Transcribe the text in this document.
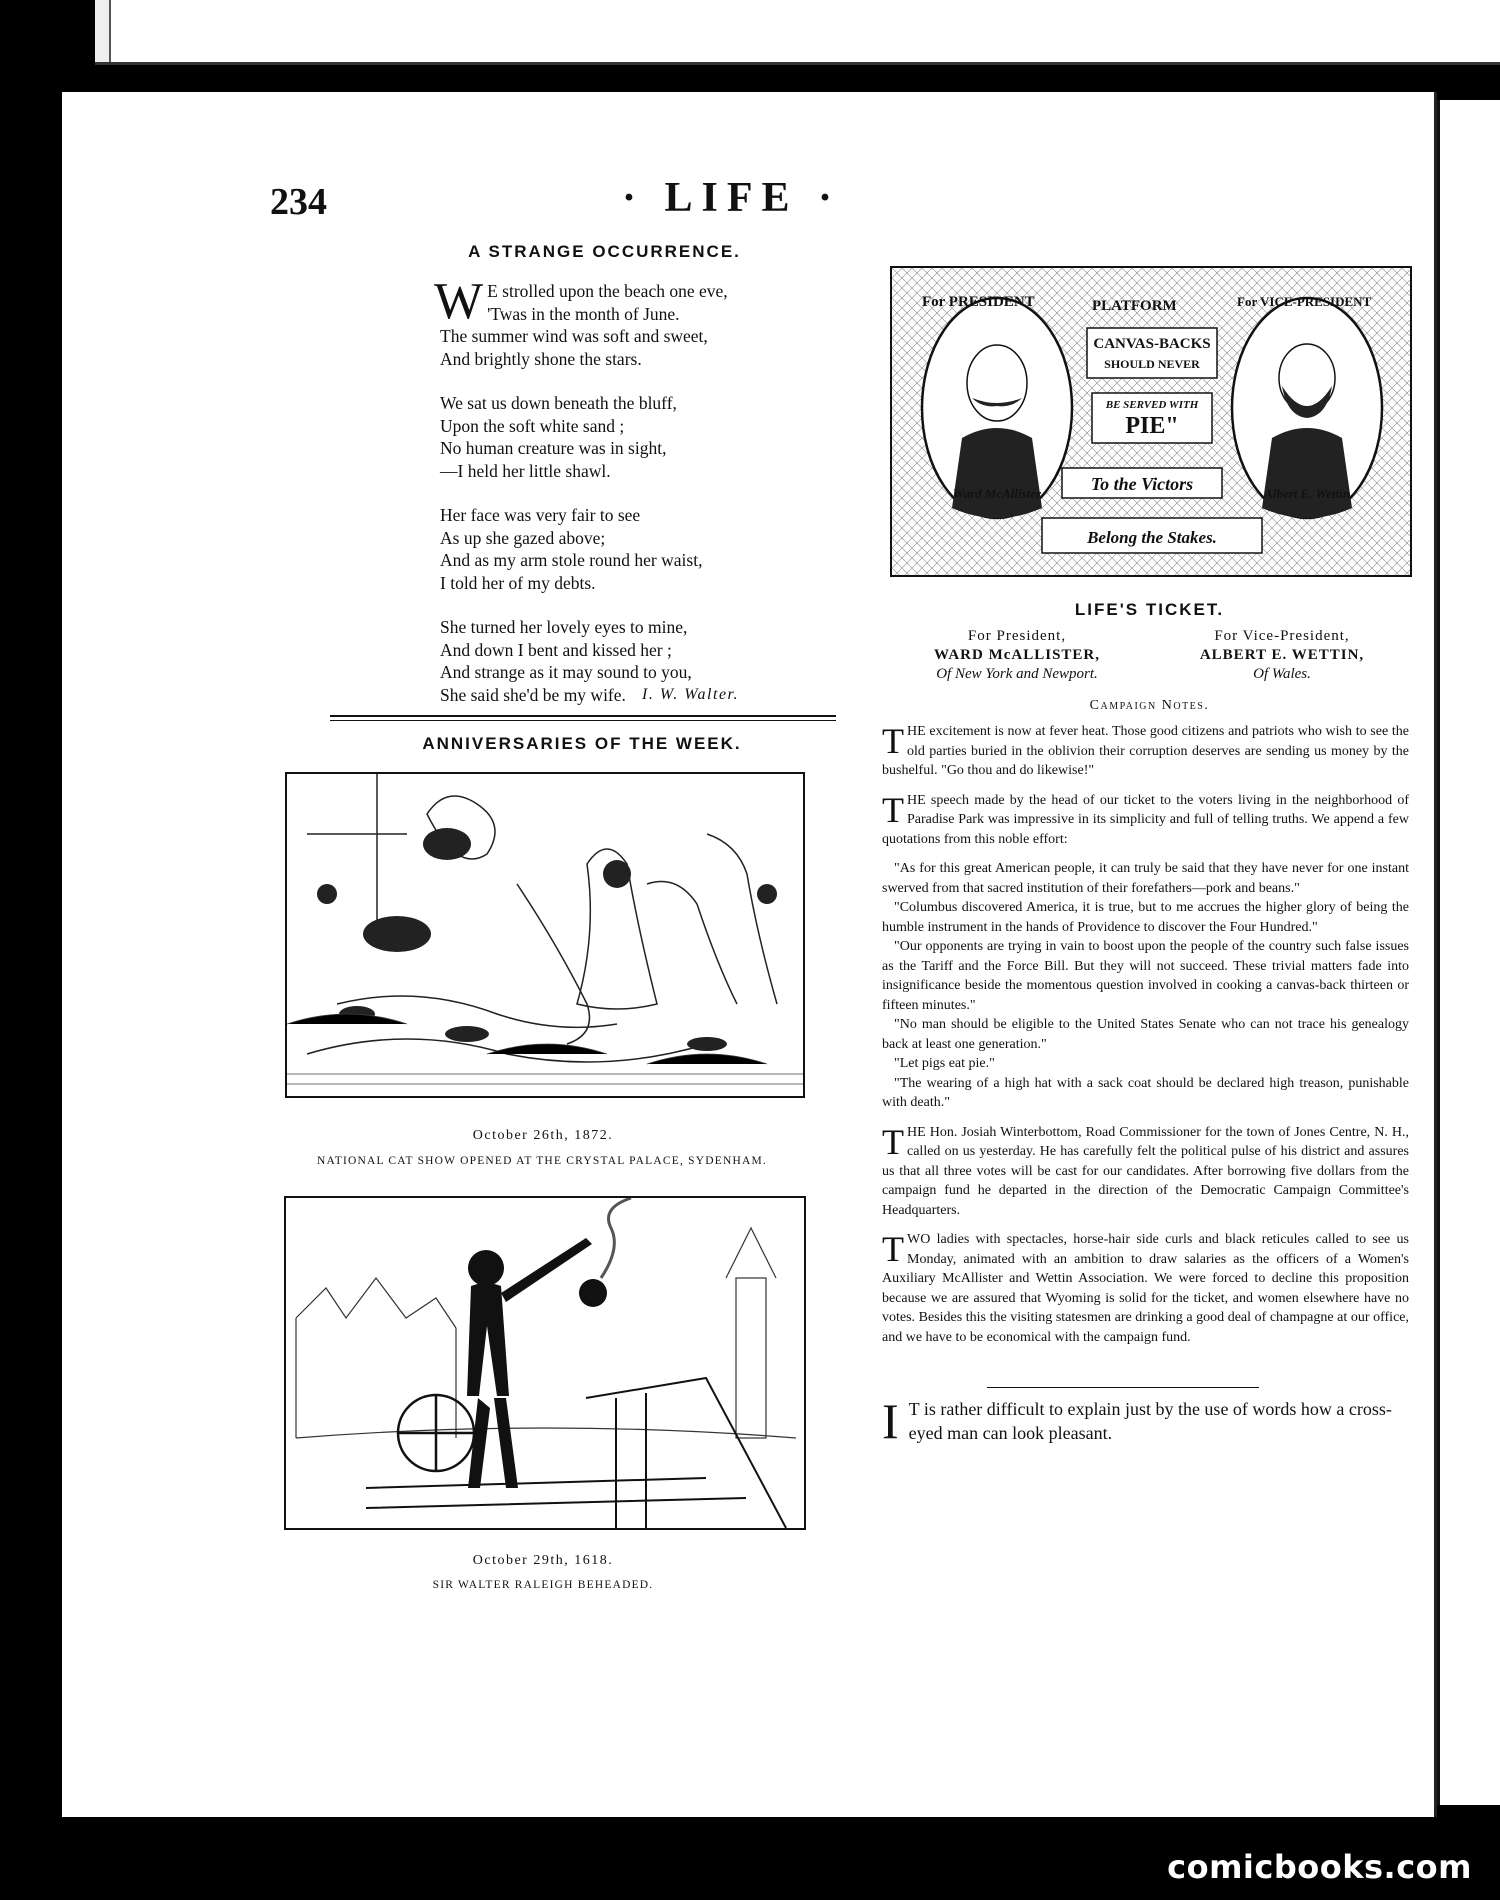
234	· LIFE ·
A STRANGE OCCURRENCE.
W E strolled upon the beach one eve,
'Twas in the month of June.
The summer wind was soft and sweet,
And brightly shone the stars.
We sat us down beneath the bluff,
Upon the soft white sand ;
No human creature was in sight,
—I held her little shawl.
Her face was very fair to see
As up she gazed above;
And as my arm stole round her waist,
I told her of my debts.
She turned her lovely eyes to mine,
And down I bent and kissed her ;
And strange as it may sound to you,
She said she'd be my wife.	I. W. Walter.
ANNIVERSARIES OF THE WEEK.
October 26th, 1872.
NATIONAL CAT SHOW OPENED AT THE CRYSTAL PALACE, SYDENHAM.
October 29th, 1618.
SIR WALTER RALEIGH BEHEADED.
For PRESIDENT	PLATFORM	For VICE-PRESIDENT
CANVAS-BACKS
SHOULD NEVER
BE SERVED WITH
PIE"
To the Victors
Belong the Stakes.
Ward McAllister	Albert E. Wettin
LIFE'S TICKET.
For President,
WARD McALLISTER,
Of New York and Newport.
For Vice-President,
ALBERT E. WETTIN,
Of Wales.
Campaign Notes.

THE excitement is now at fever heat. Those good citizens and patriots who wish to see the old parties buried in the oblivion their corruption deserves are sending us money by the bushelful. "Go thou and do likewise!"

THE speech made by the head of our ticket to the voters living in the neighborhood of Paradise Park was impressive in its simplicity and full of telling truths. We append a few quotations from this noble effort:

"As for this great American people, it can truly be said that they have never for one instant swerved from that sacred institution of their forefathers—pork and beans."

"Columbus discovered America, it is true, but to me accrues the higher glory of being the humble instrument in the hands of Providence to discover the Four Hundred."

"Our opponents are trying in vain to boost upon the people of the country such false issues as the Tariff and the Force Bill. But they will not succeed. These trivial matters fade into insignificance beside the momentous question involved in cooking a canvas-back thirteen or fifteen minutes."

"No man should be eligible to the United States Senate who can not trace his genealogy back at least one generation."

"Let pigs eat pie."

"The wearing of a high hat with a sack coat should be declared high treason, punishable with death."

THE Hon. Josiah Winterbottom, Road Commissioner for the town of Jones Centre, N. H., called on us yesterday. He has carefully felt the political pulse of his district and assures us that all three votes will be cast for our candidates. After borrowing five dollars from the campaign fund he departed in the direction of the Democratic Campaign Committee's Headquarters.

TWO ladies with spectacles, horse-hair side curls and black reticules called to see us Monday, animated with an ambition to draw salaries as the officers of a Women's Auxiliary McAllister and Wettin Association. We were forced to decline this proposition because we are assured that Wyoming is solid for the ticket, and women elsewhere have no votes. Besides this the visiting statesmen are drinking a good deal of champagne at our office, and we have to be economical with the campaign fund.

I T is rather difficult to explain just by the use of words how a cross-eyed man can look pleasant.
comicbooks.com
